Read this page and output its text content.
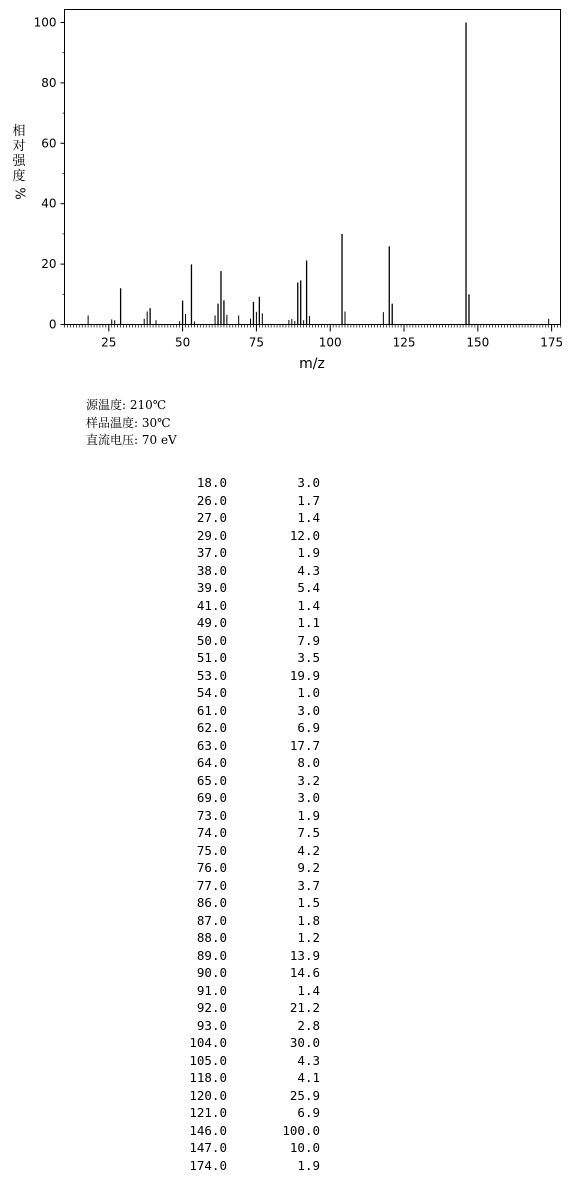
25	50	75	100	125	150	175
0
20
40
60
80
100
m/z
相
对
强
度
%
源温度: 210℃
样品温度: 30℃
直流电压: 70 eV
18.0	3.0
26.0	1.7
27.0	1.4
29.0	12.0
37.0	1.9
38.0	4.3
39.0	5.4
41.0	1.4
49.0	1.1
50.0	7.9
51.0	3.5
53.0	19.9
54.0	1.0
61.0	3.0
62.0	6.9
63.0	17.7
64.0	8.0
65.0	3.2
69.0	3.0
73.0	1.9
74.0	7.5
75.0	4.2
76.0	9.2
77.0	3.7
86.0	1.5
87.0	1.8
88.0	1.2
89.0	13.9
90.0	14.6
91.0	1.4
92.0	21.2
93.0	2.8
104.0	30.0
105.0	4.3
118.0	4.1
120.0	25.9
121.0	6.9
146.0	100.0
147.0	10.0
174.0	1.9
